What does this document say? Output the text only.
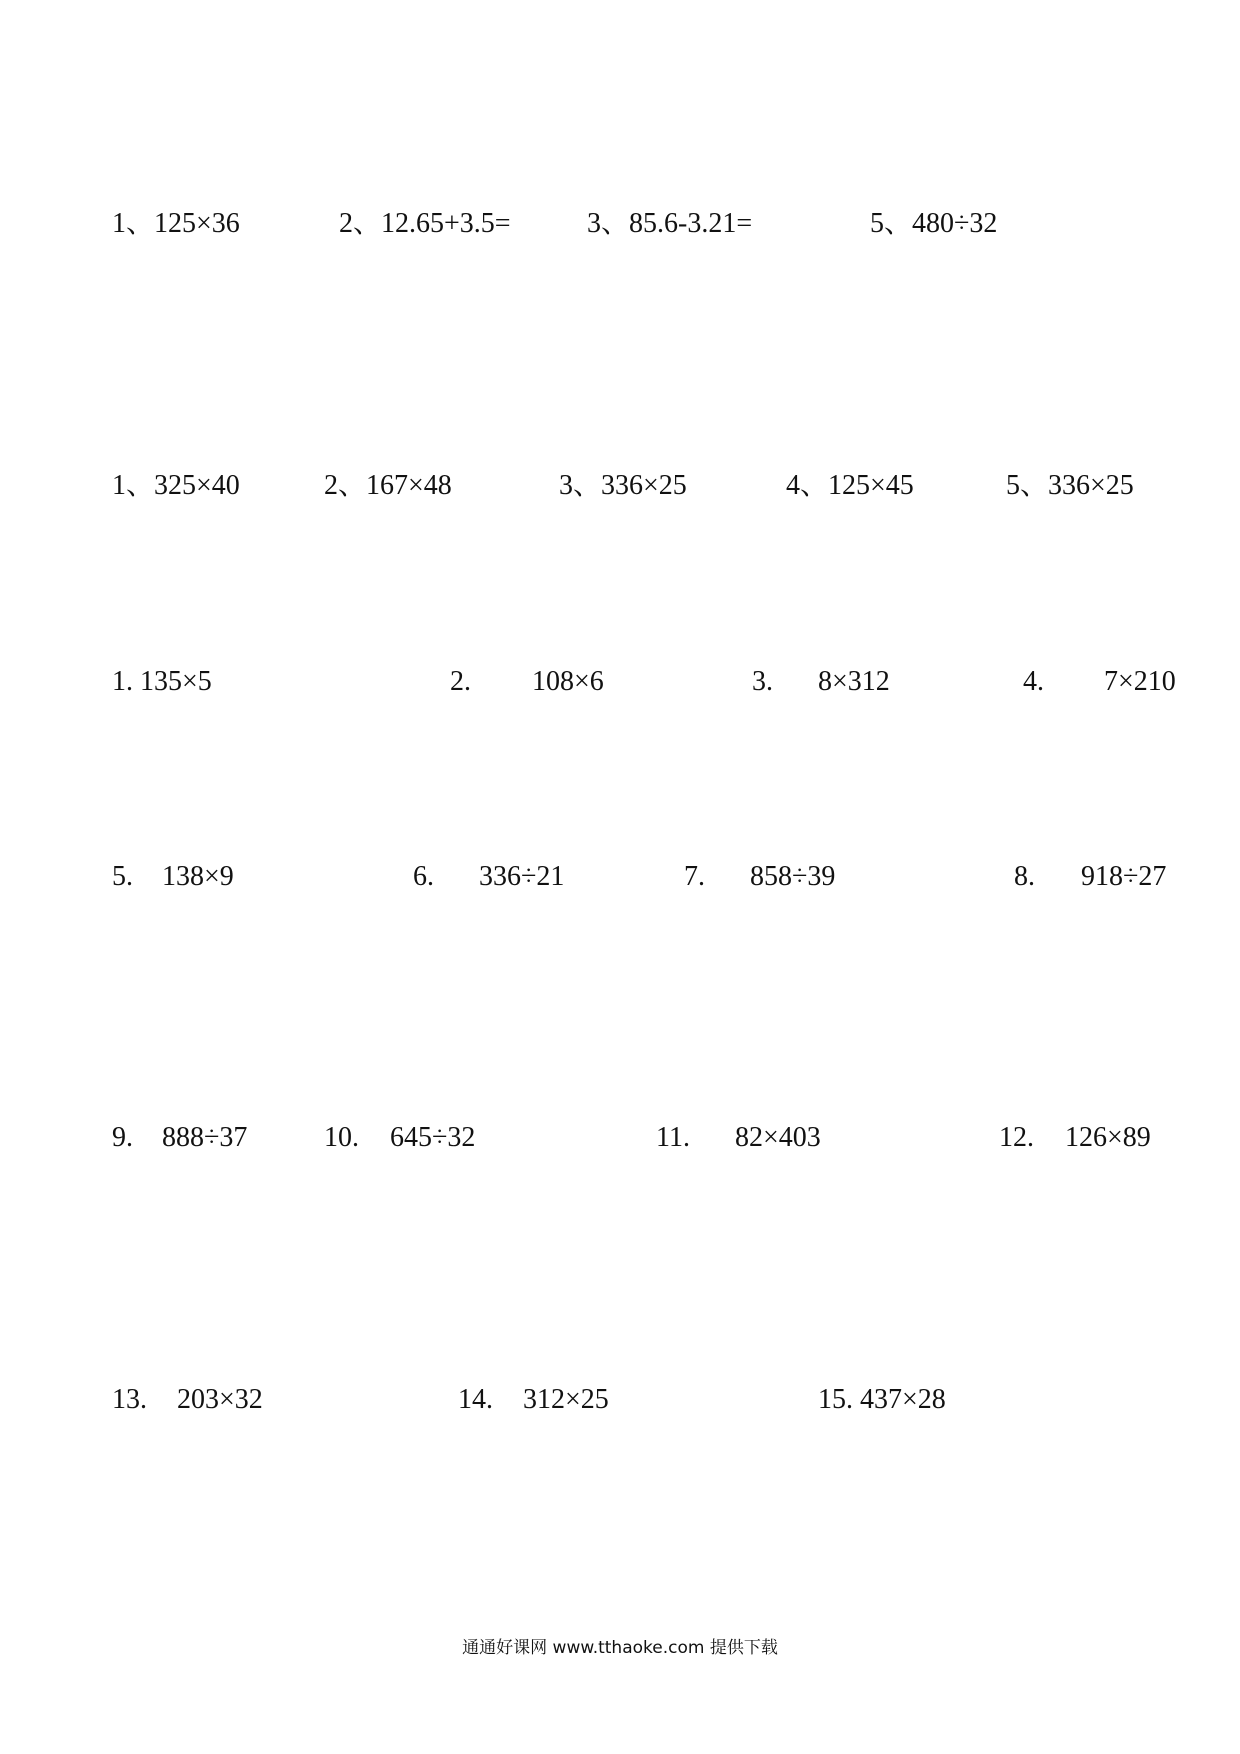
1、125×36
	2、12.65+3.5=
	3、85.6-3.21=
	5、480÷32

1、325×40
	2、167×48
	3、336×25
	4、125×45
	5、336×25

1. 135×5
	2.
	108×6
	3.
	8×312
	4.
	7×210

5.
	138×9
	6.
	336÷21
	7.
	858÷39
	8.
	918÷27

9.
	888÷37
	10.
	645÷32
	11.
	82×403
	12.
	126×89

13.
	203×32
	14.
	312×25
	15. 437×28

通通好课网 www.tthaoke.com 提供下载
